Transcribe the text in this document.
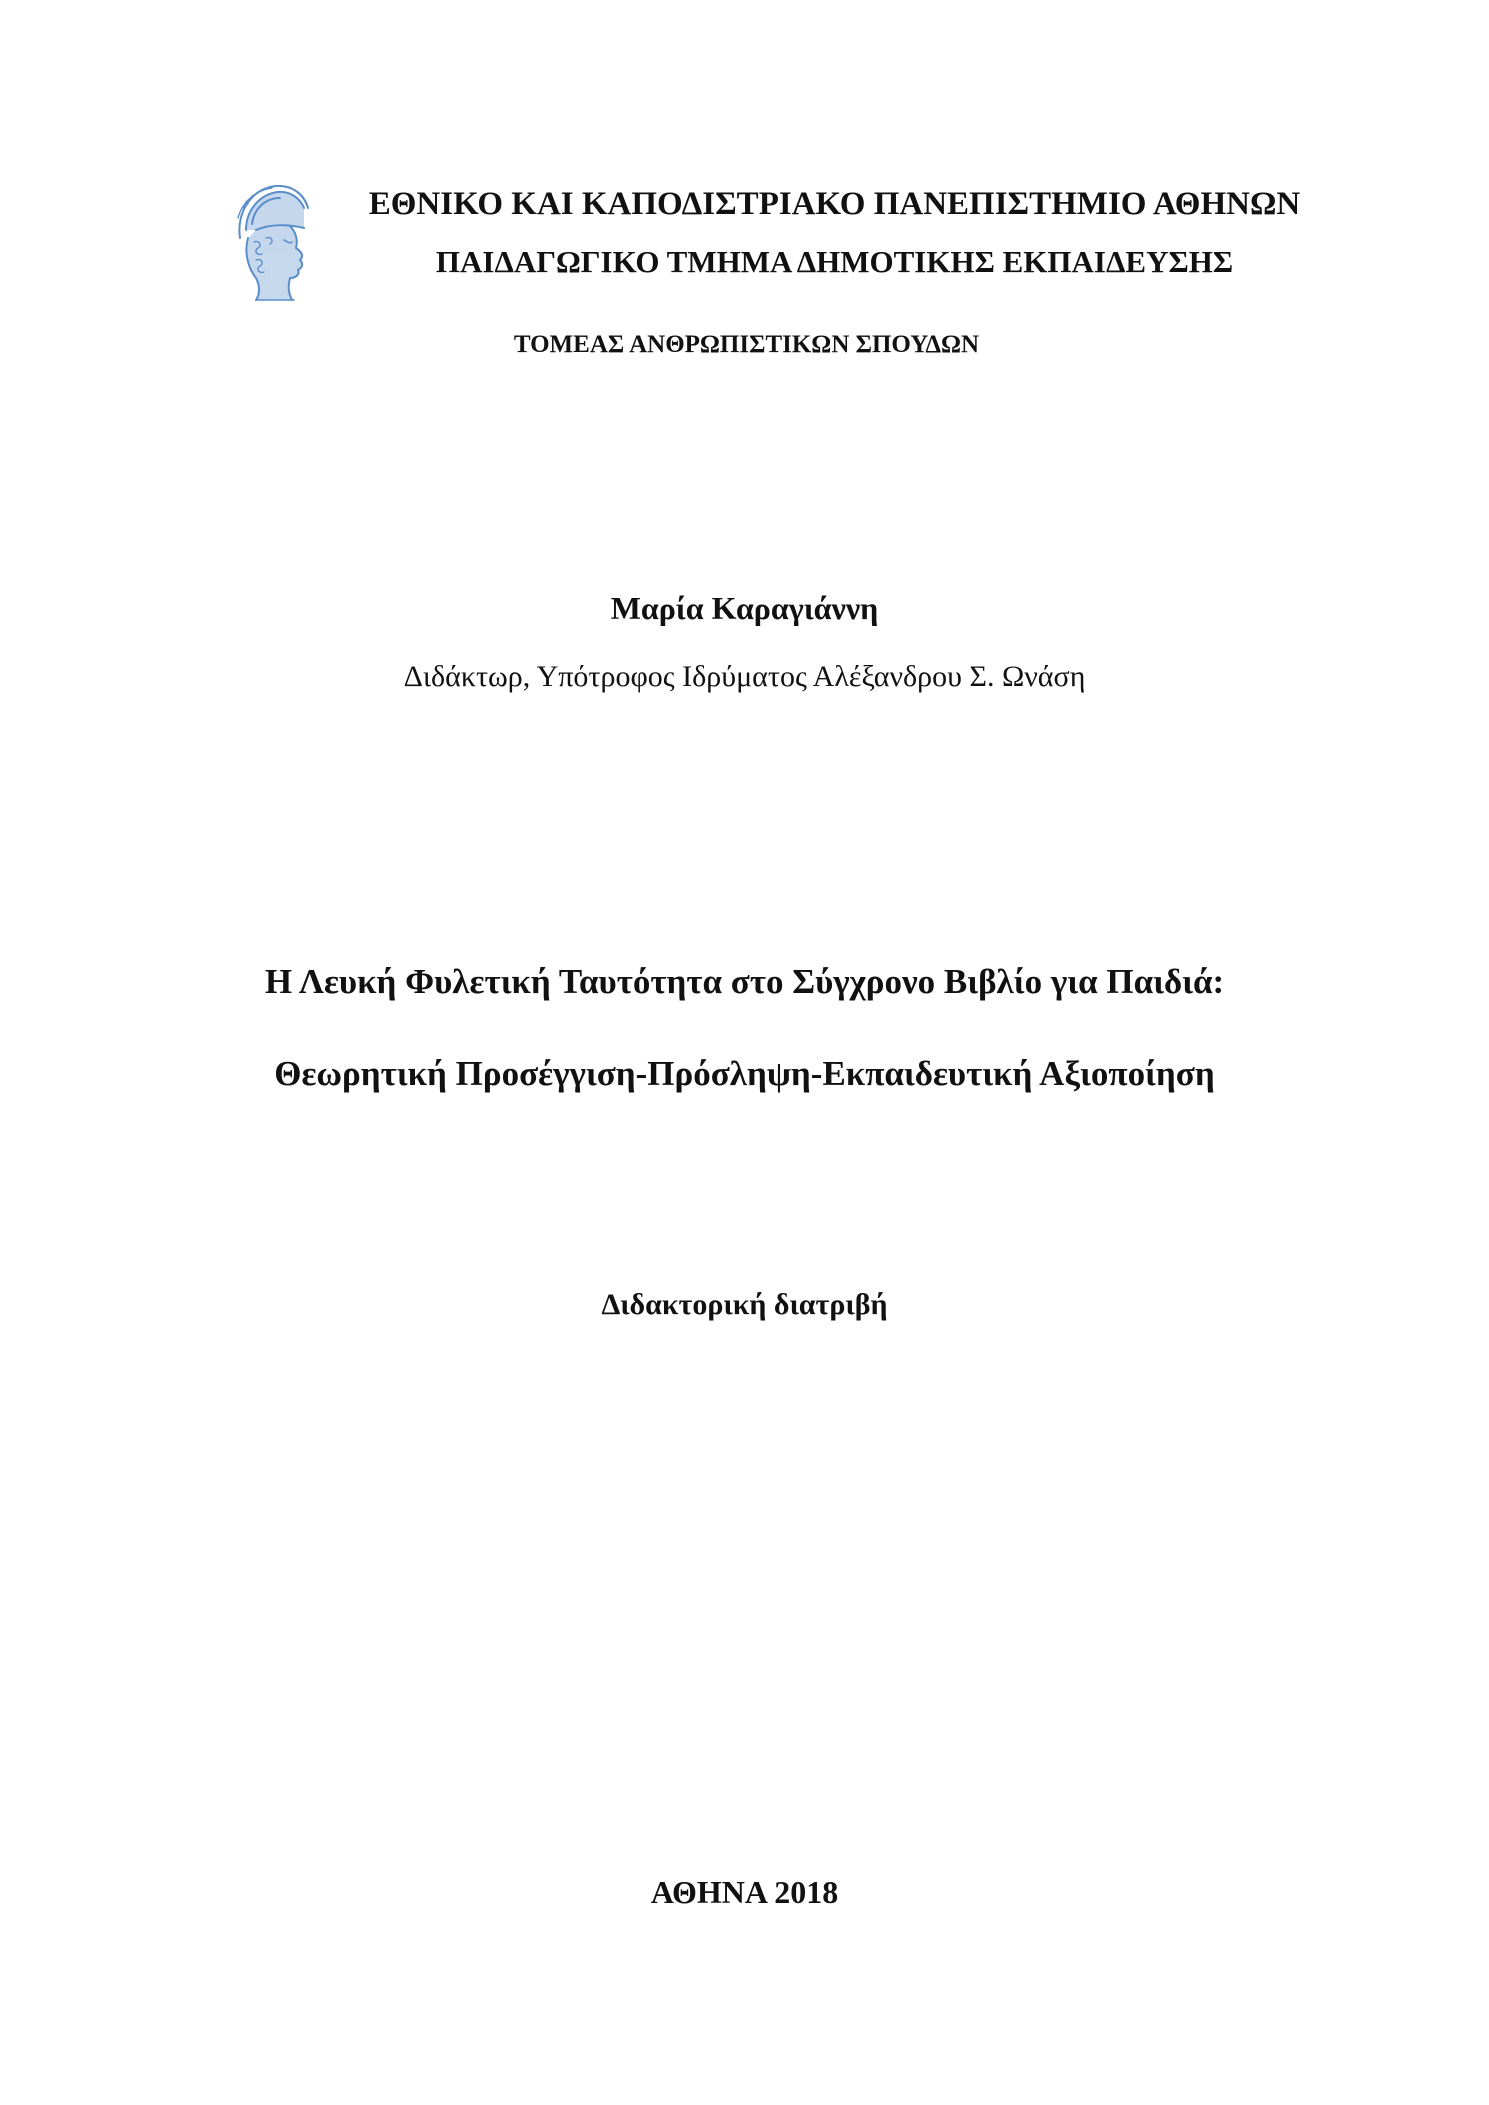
ΕΘΝΙΚΟ ΚΑΙ ΚΑΠΟΔΙΣΤΡΙΑΚΟ ΠΑΝΕΠΙΣΤΗΜΙΟ ΑΘΗΝΩΝ
ΠΑΙΔΑΓΩΓΙΚΟ ΤΜΗΜΑ ΔΗΜΟΤΙΚΗΣ ΕΚΠΑΙΔΕΥΣΗΣ
ΤΟΜΕΑΣ ΑΝΘΡΩΠΙΣΤΙΚΩΝ ΣΠΟΥΔΩΝ
Μαρία Καραγιάννη
Διδάκτωρ, Υπότροφος Ιδρύματος Αλέξανδρου Σ. Ωνάση
Η Λευκή Φυλετική Ταυτότητα στο Σύγχρονο Βιβλίο για Παιδιά:
Θεωρητική Προσέγγιση-Πρόσληψη-Εκπαιδευτική Αξιοποίηση
Διδακτορική διατριβή
ΑΘΗΝΑ 2018
